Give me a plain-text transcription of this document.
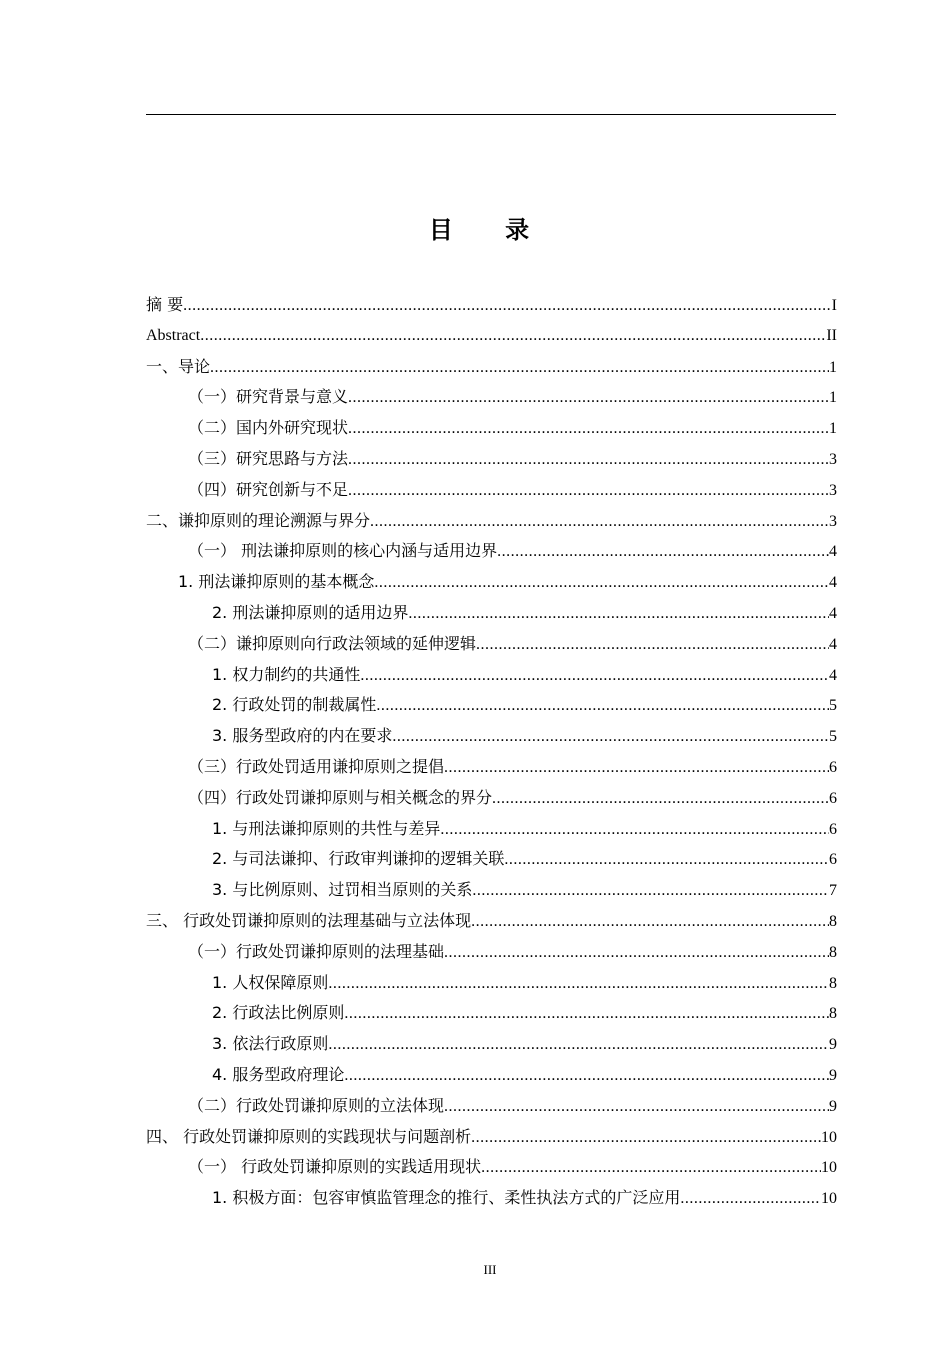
目 录
摘 要 .....	I
Abstract .....	II
一、导论 .....	1
（一）研究背景与意义 .....	1
（二）国内外研究现状 .....	1
（三）研究思路与方法 .....	3
（四）研究创新与不足 .....	3
二、谦抑原则的理论溯源与界分 .....	3
（一） 刑法谦抑原则的核心内涵与适用边界 .....	4
1. 刑法谦抑原则的基本概念 .....	4
2. 刑法谦抑原则的适用边界 .....	4
（二）谦抑原则向行政法领域的延伸逻辑 .....	4
1. 权力制约的共通性 .....	4
2. 行政处罚的制裁属性 .....	5
3. 服务型政府的内在要求 .....	5
（三）行政处罚适用谦抑原则之提倡 .....	6
（四）行政处罚谦抑原则与相关概念的界分 .....	6
1. 与刑法谦抑原则的共性与差异 .....	6
2. 与司法谦抑、行政审判谦抑的逻辑关联 .....	6
3. 与比例原则、过罚相当原则的关系 .....	7
三、 行政处罚谦抑原则的法理基础与立法体现 .....	8
（一）行政处罚谦抑原则的法理基础 .....	8
1. 人权保障原则 .....	8
2. 行政法比例原则 .....	8
3. 依法行政原则 .....	9
4. 服务型政府理论 .....	9
（二）行政处罚谦抑原则的立法体现 .....	9
四、 行政处罚谦抑原则的实践现状与问题剖析 .....	10
（一） 行政处罚谦抑原则的实践适用现状 .....	10
1. 积极方面：包容审慎监管理念的推行、柔性执法方式的广泛应用 .....	10
III
